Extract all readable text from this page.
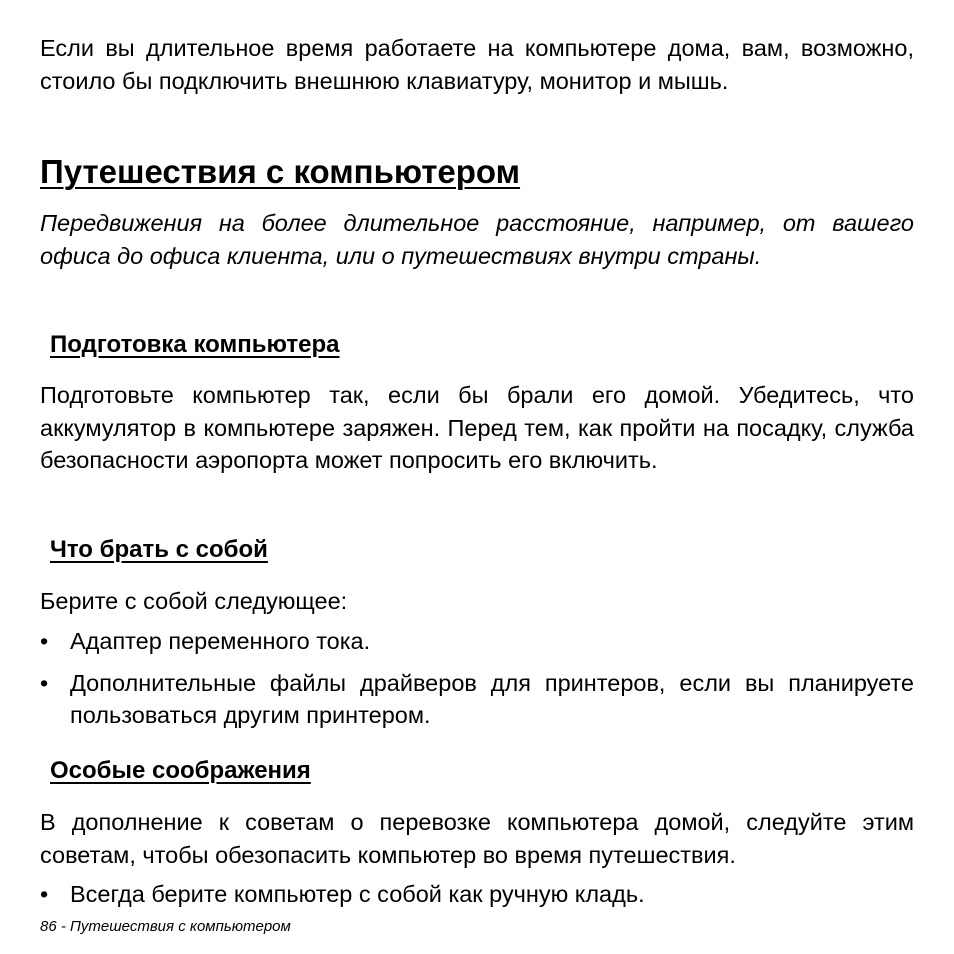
Если вы длительное время работаете на компьютере дома, вам, возможно, стоило бы подключить внешнюю клавиатуру, монитор и мышь.

Путешествия с компьютером

Передвижения на более длительное расстояние, например, от вашего офиса до офиса клиента, или о путешествиях внутри страны.

Подготовка компьютера

Подготовьте компьютер так, если бы брали его домой. Убедитесь, что аккумулятор в компьютере заряжен. Перед тем, как пройти на посадку, служба безопасности аэропорта может попросить его включить.

Что брать с собой

Берите с собой следующее:

• Адаптер переменного тока.
• Дополнительные файлы драйверов для принтеров, если вы планируете пользоваться другим принтером.
Особые соображения

В дополнение к советам о перевозке компьютера домой, следуйте этим советам, чтобы обезопасить компьютер во время путешествия.

• Всегда берите компьютер с собой как ручную кладь.
86 - Путешествия с компьютером
